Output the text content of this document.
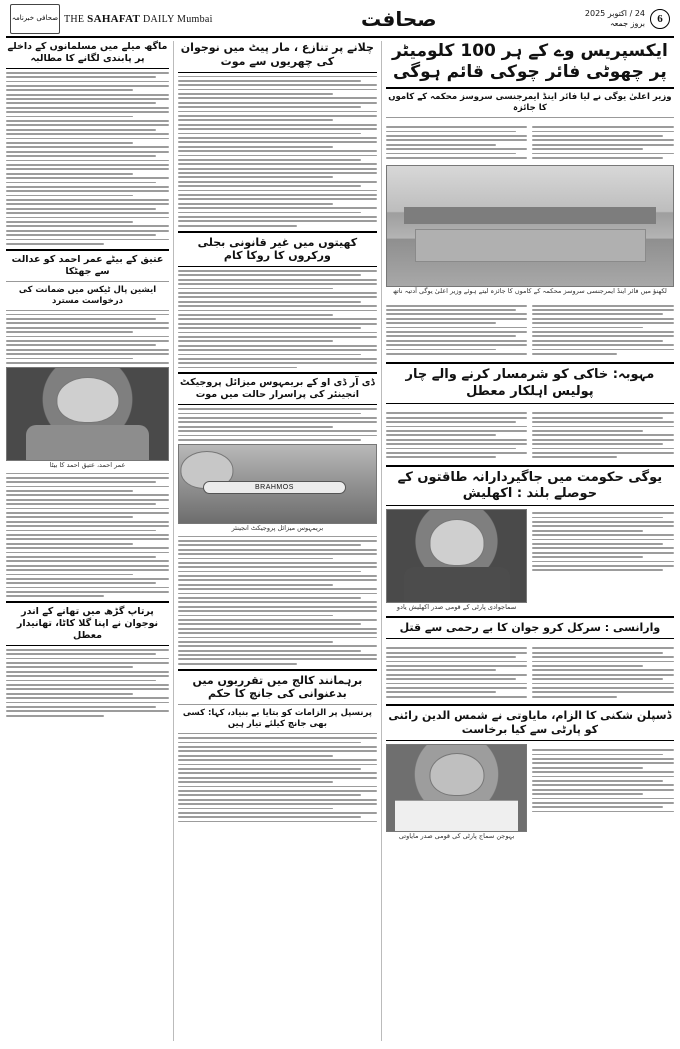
صحافی خبرنامہ THE SAHAFAT DAILY Mumbai	صحافت	24 / اکتوبر 2025
بروز جمعہ	6
ایکسپریس وے کے ہر 100 کلومیٹر پر چھوٹی فائر چوکی قائم ہوگی
وزیر اعلیٰ یوگی نے لیا فائر اینڈ ایمرجنسی سروسز محکمہ کے کاموں کا جائزہ
لکھنؤ میں فائر اینڈ ایمرجنسی سروسز محکمہ کے کاموں کا جائزہ لیتے ہوئے وزیر اعلیٰ یوگی آدتیہ ناتھ
مہوبہ: خاکی کو شرمسار کرنے والے چار پولیس اہلکار معطل
یوگی حکومت میں جاگیردارانہ طاقتوں کے حوصلے بلند : اکھلیش
سماجوادی پارٹی کے قومی صدر اکھلیش یادو
وارانسی : سرکل کرو جوان کا بے رحمی سے قتل
ڈسپلن شکنی کا الزام، مایاوتی نے شمس الدین رائنی کو پارٹی سے کیا برخاست
بہوجن سماج پارٹی کی قومی صدر مایاوتی
چلانے پر تنازع ، مار پیٹ میں نوجوان کی چھریوں سے موت
کھیتوں میں غیر قانونی بجلی ورکروں کا روکا کام
ڈی آر ڈی او کے بریمہوس میزائل پروجیکٹ انجینئر کی پراسرار حالت میں موت
BRAHMOS
بریمہوس میزائل پروجیکٹ انجینئر
برہمانند کالج میں تقرریوں میں بدعنوانی کی جانچ کا حکم
پرنسپل پر الزامات کو بتایا بے بنیاد، کہا: کسی بھی جانچ کیلئے تیار ہیں
ماگھ میلے میں مسلمانوں کے داخلے پر پابندی لگانے کا مطالبہ
عتیق کے بیٹے عمر احمد کو عدالت سے جھٹکا
ایشین پال ٹیکس میں ضمانت کی درخواست مسترد
عمر احمد، عتیق احمد کا بیٹا
پرتاپ گڑھ میں تھانے کے اندر نوجوان نے اپنا گلا کاٹا، تھانیدار معطل
